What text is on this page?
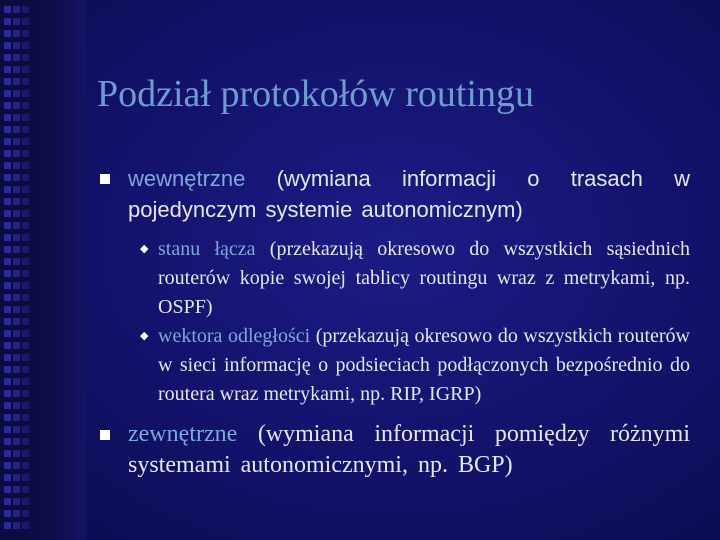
Podział protokołów routingu
wewnętrzne (wymiana informacji o trasach w pojedynczym systemie autonomicznym)
◆ stanu łącza (przekazują okresowo do wszystkich sąsiednich routerów kopie swojej tablicy routingu wraz z metrykami, np. OSPF)
◆ wektora odległości (przekazują okresowo do wszystkich routerów w sieci informację o podsieciach podłączonych bezpośrednio do routera wraz metrykami, np. RIP, IGRP)
zewnętrzne (wymiana informacji pomiędzy różnymi systemami autonomicznymi, np. BGP)
